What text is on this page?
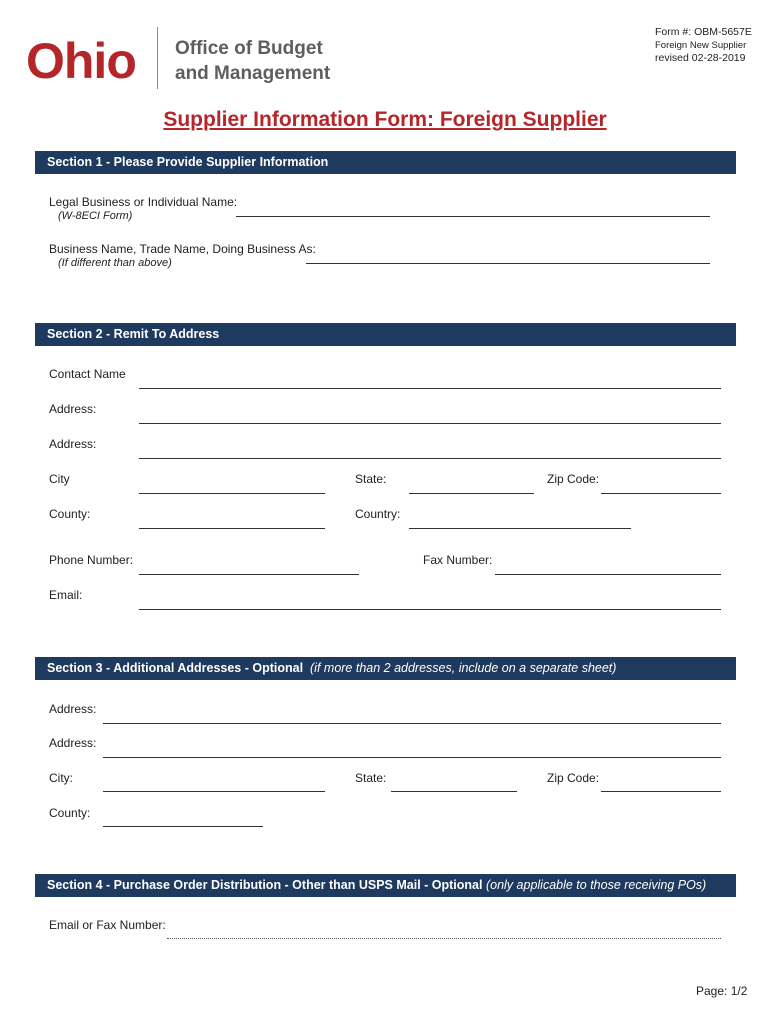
Ohio Office of Budget
and Management
Form #: OBM-5657E
Foreign New Supplier
revised 02-28-2019
Supplier Information Form: Foreign Supplier
Section 1 - Please Provide Supplier Information
Legal Business or Individual Name:
(W-8ECI Form)
Business Name, Trade Name, Doing Business As:
(If different than above)
Section 2 - Remit To Address
Contact Name
Address:
Address:
City	State:	Zip Code:
County:	Country:
Phone Number:	Fax Number:
Email:
Section 3 - Additional Addresses - Optional (if more than 2 addresses, include on a separate sheet)
Address:
Address:
City:	State:	Zip Code:
County:
Section 4 - Purchase Order Distribution - Other than USPS Mail - Optional (only applicable to those receiving POs)
Email or Fax Number:
Page: 1/2
